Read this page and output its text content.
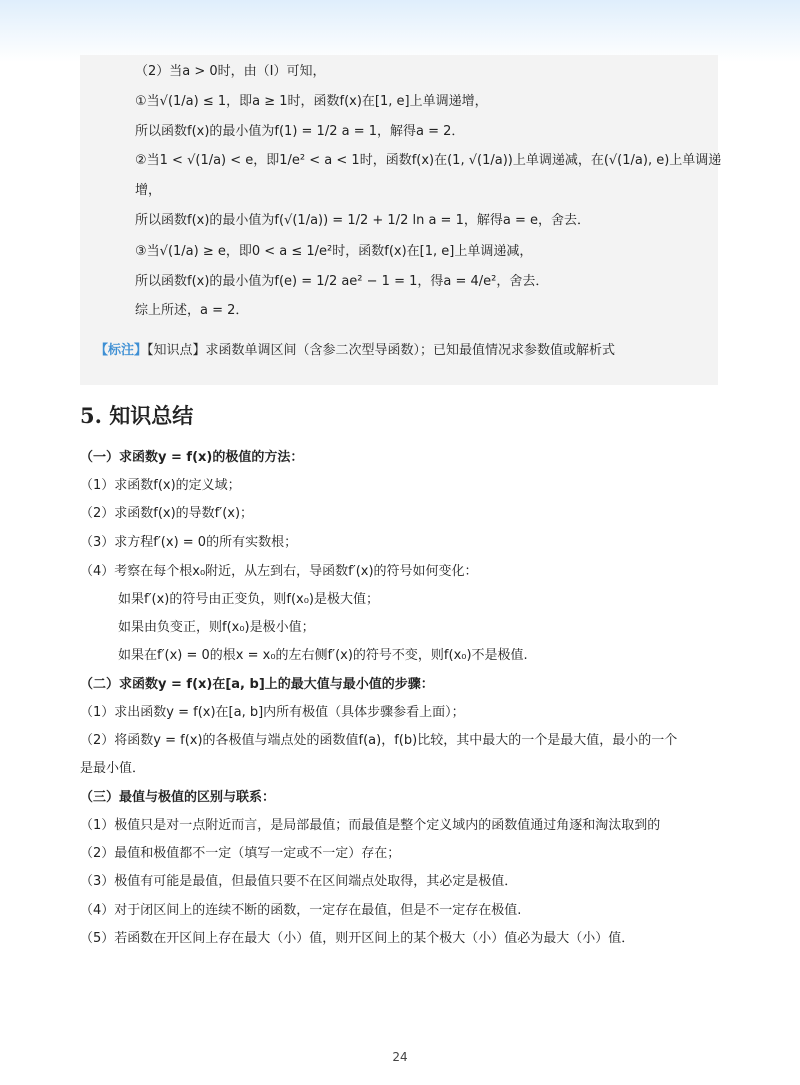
（2）当a > 0时，由（Ⅰ）可知，
①当√(1/a) ≤ 1，即a ≥ 1时，函数f(x)在[1, e]上单调递增，
所以函数f(x)的最小值为f(1) = 1/2 a = 1，解得a = 2．
②当1 < √(1/a) < e，即1/e² < a < 1时，函数f(x)在(1, √(1/a))上单调递减，在(√(1/a), e)上单调递
增，
所以函数f(x)的最小值为f(√(1/a)) = 1/2 + 1/2 ln a = 1，解得a = e，舍去．
③当√(1/a) ≥ e，即0 < a ≤ 1/e²时，函数f(x)在[1, e]上单调递减，
所以函数f(x)的最小值为f(e) = 1/2 ae² − 1 = 1，得a = 4/e²，舍去．
综上所述，a = 2．
【标注】【知识点】求函数单调区间（含参二次型导函数）；已知最值情况求参数值或解析式
5. 知识总结
（一）求函数y = f(x)的极值的方法：
（1）求函数f(x)的定义域；
（2）求函数f(x)的导数f′(x)；
（3）求方程f′(x) = 0的所有实数根；
（4）考察在每个根x₀附近，从左到右，导函数f′(x)的符号如何变化：
如果f′(x)的符号由正变负，则f(x₀)是极大值；
如果由负变正，则f(x₀)是极小值；
如果在f′(x) = 0的根x = x₀的左右侧f′(x)的符号不变，则f(x₀)不是极值.
（二）求函数y = f(x)在[a, b]上的最大值与最小值的步骤：
（1）求出函数y = f(x)在[a, b]内所有极值（具体步骤参看上面）；
（2）将函数y = f(x)的各极值与端点处的函数值f(a)，f(b)比较，其中最大的一个是最大值，最小的一个
是最小值．
（三）最值与极值的区别与联系：
（1）极值只是对一点附近而言，是局部最值；而最值是整个定义域内的函数值通过角逐和淘汰取到的
（2）最值和极值都不一定（填写一定或不一定）存在；
（3）极值有可能是最值，但最值只要不在区间端点处取得，其必定是极值．
（4）对于闭区间上的连续不断的函数，一定存在最值，但是不一定存在极值.
（5）若函数在开区间上存在最大（小）值，则开区间上的某个极大（小）值必为最大（小）值．
24
